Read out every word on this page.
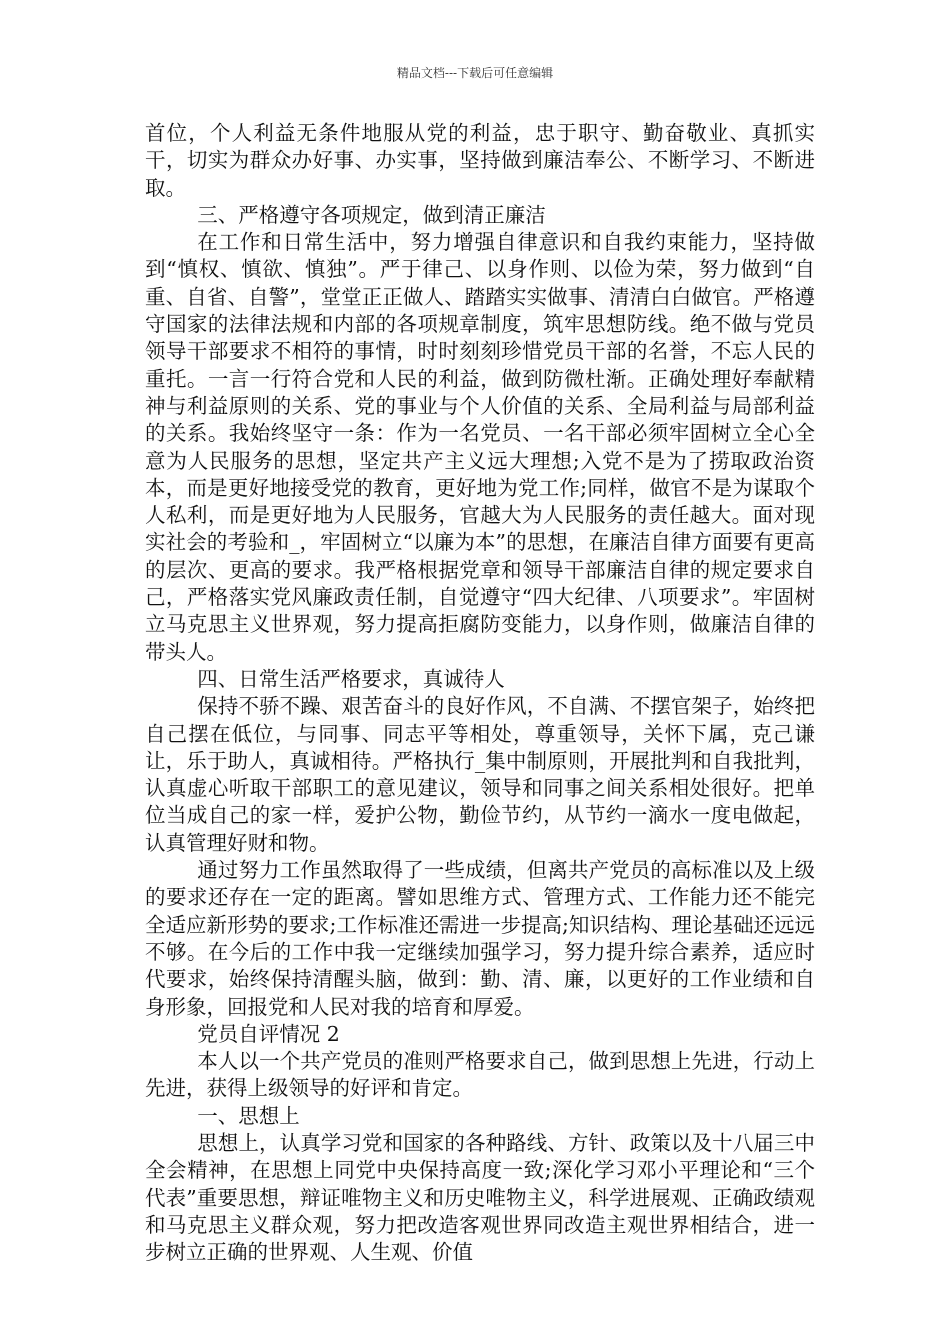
精品文档---下载后可任意编辑

首位，个人利益无条件地服从党的利益，忠于职守、勤奋敬业、真抓实干，切实为群众办好事、办实事，坚持做到廉洁奉公、不断学习、不断进取。

三、严格遵守各项规定，做到清正廉洁

在工作和日常生活中，努力增强自律意识和自我约束能力，坚持做到“慎权、慎欲、慎独”。严于律己、以身作则、以俭为荣，努力做到“自重、自省、自警”，堂堂正正做人、踏踏实实做事、清清白白做官。严格遵守国家的法律法规和内部的各项规章制度，筑牢思想防线。绝不做与党员领导干部要求不相符的事情，时时刻刻珍惜党员干部的名誉，不忘人民的重托。一言一行符合党和人民的利益，做到防微杜渐。正确处理好奉献精神与利益原则的关系、党的事业与个人价值的关系、全局利益与局部利益的关系。我始终坚守一条：作为一名党员、一名干部必须牢固树立全心全意为人民服务的思想，坚定共产主义远大理想;入党不是为了捞取政治资本，而是更好地接受党的教育，更好地为党工作;同样，做官不是为谋取个人私利，而是更好地为人民服务，官越大为人民服务的责任越大。面对现实社会的考验和_，牢固树立“以廉为本”的思想，在廉洁自律方面要有更高的层次、更高的要求。我严格根据党章和领导干部廉洁自律的规定要求自己，严格落实党风廉政责任制，自觉遵守“四大纪律、八项要求”。牢固树立马克思主义世界观，努力提高拒腐防变能力，以身作则，做廉洁自律的带头人。

四、日常生活严格要求，真诚待人

保持不骄不躁、艰苦奋斗的良好作风，不自满、不摆官架子，始终把自己摆在低位，与同事、同志平等相处，尊重领导，关怀下属，克己谦让，乐于助人，真诚相待。严格执行_集中制原则，开展批判和自我批判，认真虚心听取干部职工的意见建议，领导和同事之间关系相处很好。把单位当成自己的家一样，爱护公物，勤俭节约，从节约一滴水一度电做起，认真管理好财和物。

通过努力工作虽然取得了一些成绩，但离共产党员的高标准以及上级的要求还存在一定的距离。譬如思维方式、管理方式、工作能力还不能完全适应新形势的要求;工作标准还需进一步提高;知识结构、理论基础还远远不够。在今后的工作中我一定继续加强学习，努力提升综合素养，适应时代要求，始终保持清醒头脑，做到：勤、清、廉，以更好的工作业绩和自身形象，回报党和人民对我的培育和厚爱。

党员自评情况 2

本人以一个共产党员的准则严格要求自己，做到思想上先进，行动上先进，获得上级领导的好评和肯定。

一、思想上

思想上，认真学习党和国家的各种路线、方针、政策以及十八届三中全会精神，在思想上同党中央保持高度一致;深化学习邓小平理论和“三个代表”重要思想，辩证唯物主义和历史唯物主义，科学进展观、正确政绩观和马克思主义群众观，努力把改造客观世界同改造主观世界相结合，进一步树立正确的世界观、人生观、价值
